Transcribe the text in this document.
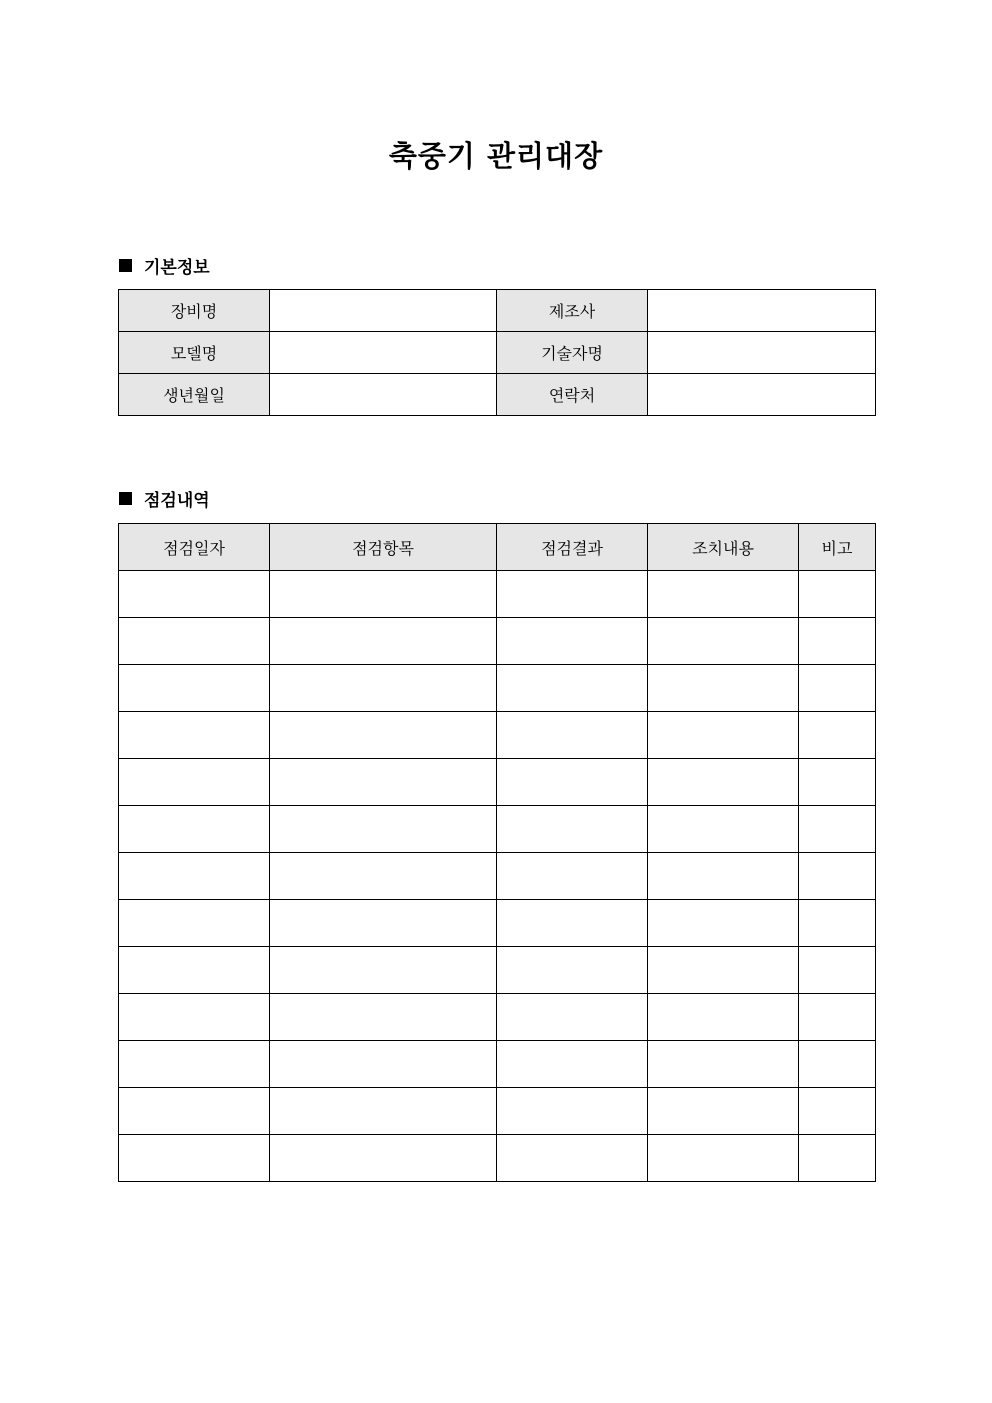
축중기 관리대장
기본정보
장비명		제조사	
모델명		기술자명	
생년월일		연락처	
점검내역
점검일자	점검항목	점검결과	조치내용	비고
